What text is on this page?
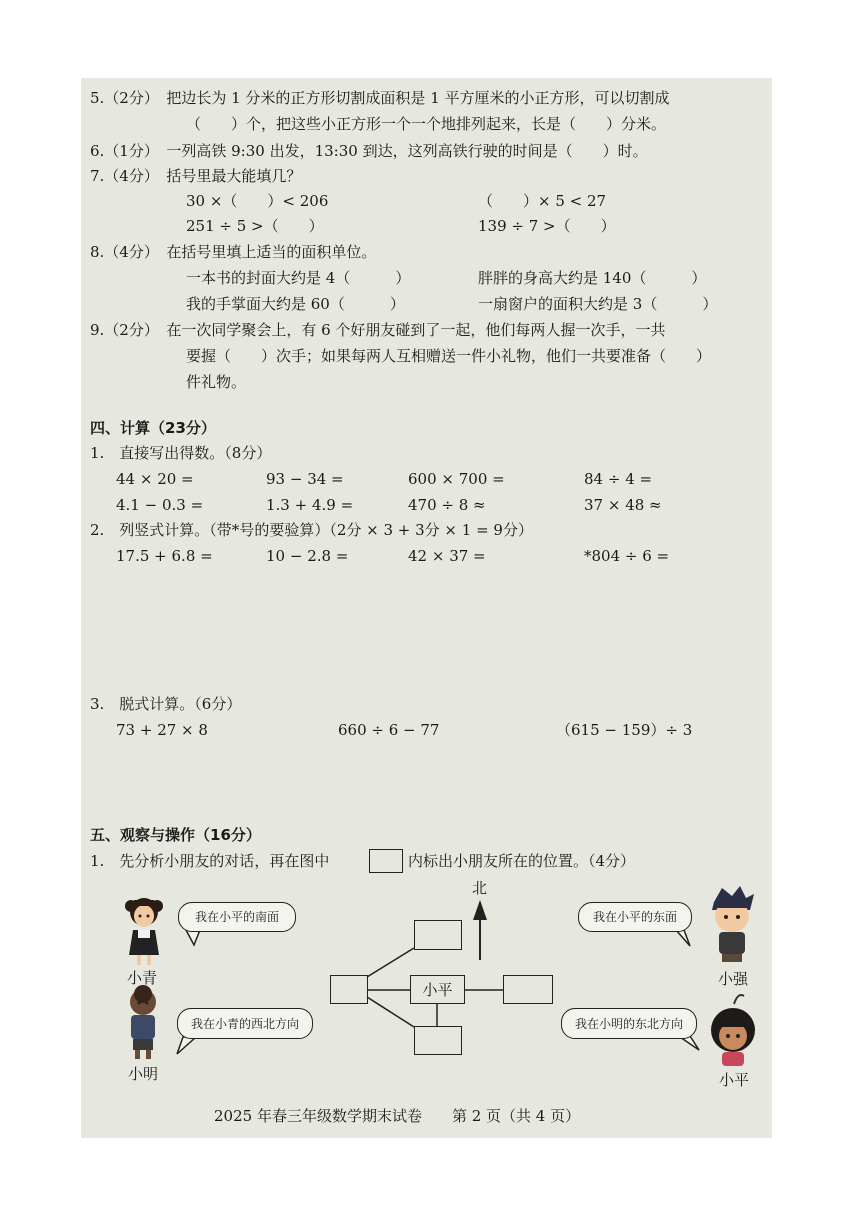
5.（2分）　把边长为 1 分米的正方形切割成面积是 1 平方厘米的小正方形，可以切割成
（　　）个，把这些小正方形一个一个地排列起来，长是（　　）分米。
6.（1分）　一列高铁 9:30 出发，13:30 到达，这列高铁行驶的时间是（　　）时。
7.（4分）　括号里最大能填几？
30 ×（　　）< 206	（　　）× 5 < 27
251 ÷ 5 >（　　）	139 ÷ 7 >（　　）
8.（4分）　在括号里填上适当的面积单位。
一本书的封面大约是 4（　　　）	胖胖的身高大约是 140（　　　）
我的手掌面大约是 60（　　　）	一扇窗户的面积大约是 3（　　　）
9.（2分）　在一次同学聚会上，有 6 个好朋友碰到了一起，他们每两人握一次手，一共
要握（　　）次手；如果每两人互相赠送一件小礼物，他们一共要准备（　　）
件礼物。
四、计算（23分）
1.　直接写出得数。（8分）
44 × 20 =	93 − 34 =	600 × 700 =	84 ÷ 4 =
4.1 − 0.3 =	1.3 + 4.9 =	470 ÷ 8 ≈	37 × 48 ≈
2.　列竖式计算。（带*号的要验算）（2分 × 3 + 3分 × 1 = 9分）
17.5 + 6.8 =	10 − 2.8 =	42 × 37 =	*804 ÷ 6 =
3.　脱式计算。（6分）
73 + 27 × 8	660 ÷ 6 − 77	（615 − 159）÷ 3
五、观察与操作（16分）
1.　先分析小朋友的对话，再在图中	内标出小朋友所在的位置。（4分）
北
小平
我在小平的南面
我在小青的西北方向
我在小平的东面
我在小明的东北方向
小青
小明
小强
小平
2025 年春三年级数学期末试卷　　第 2 页（共 4 页）
